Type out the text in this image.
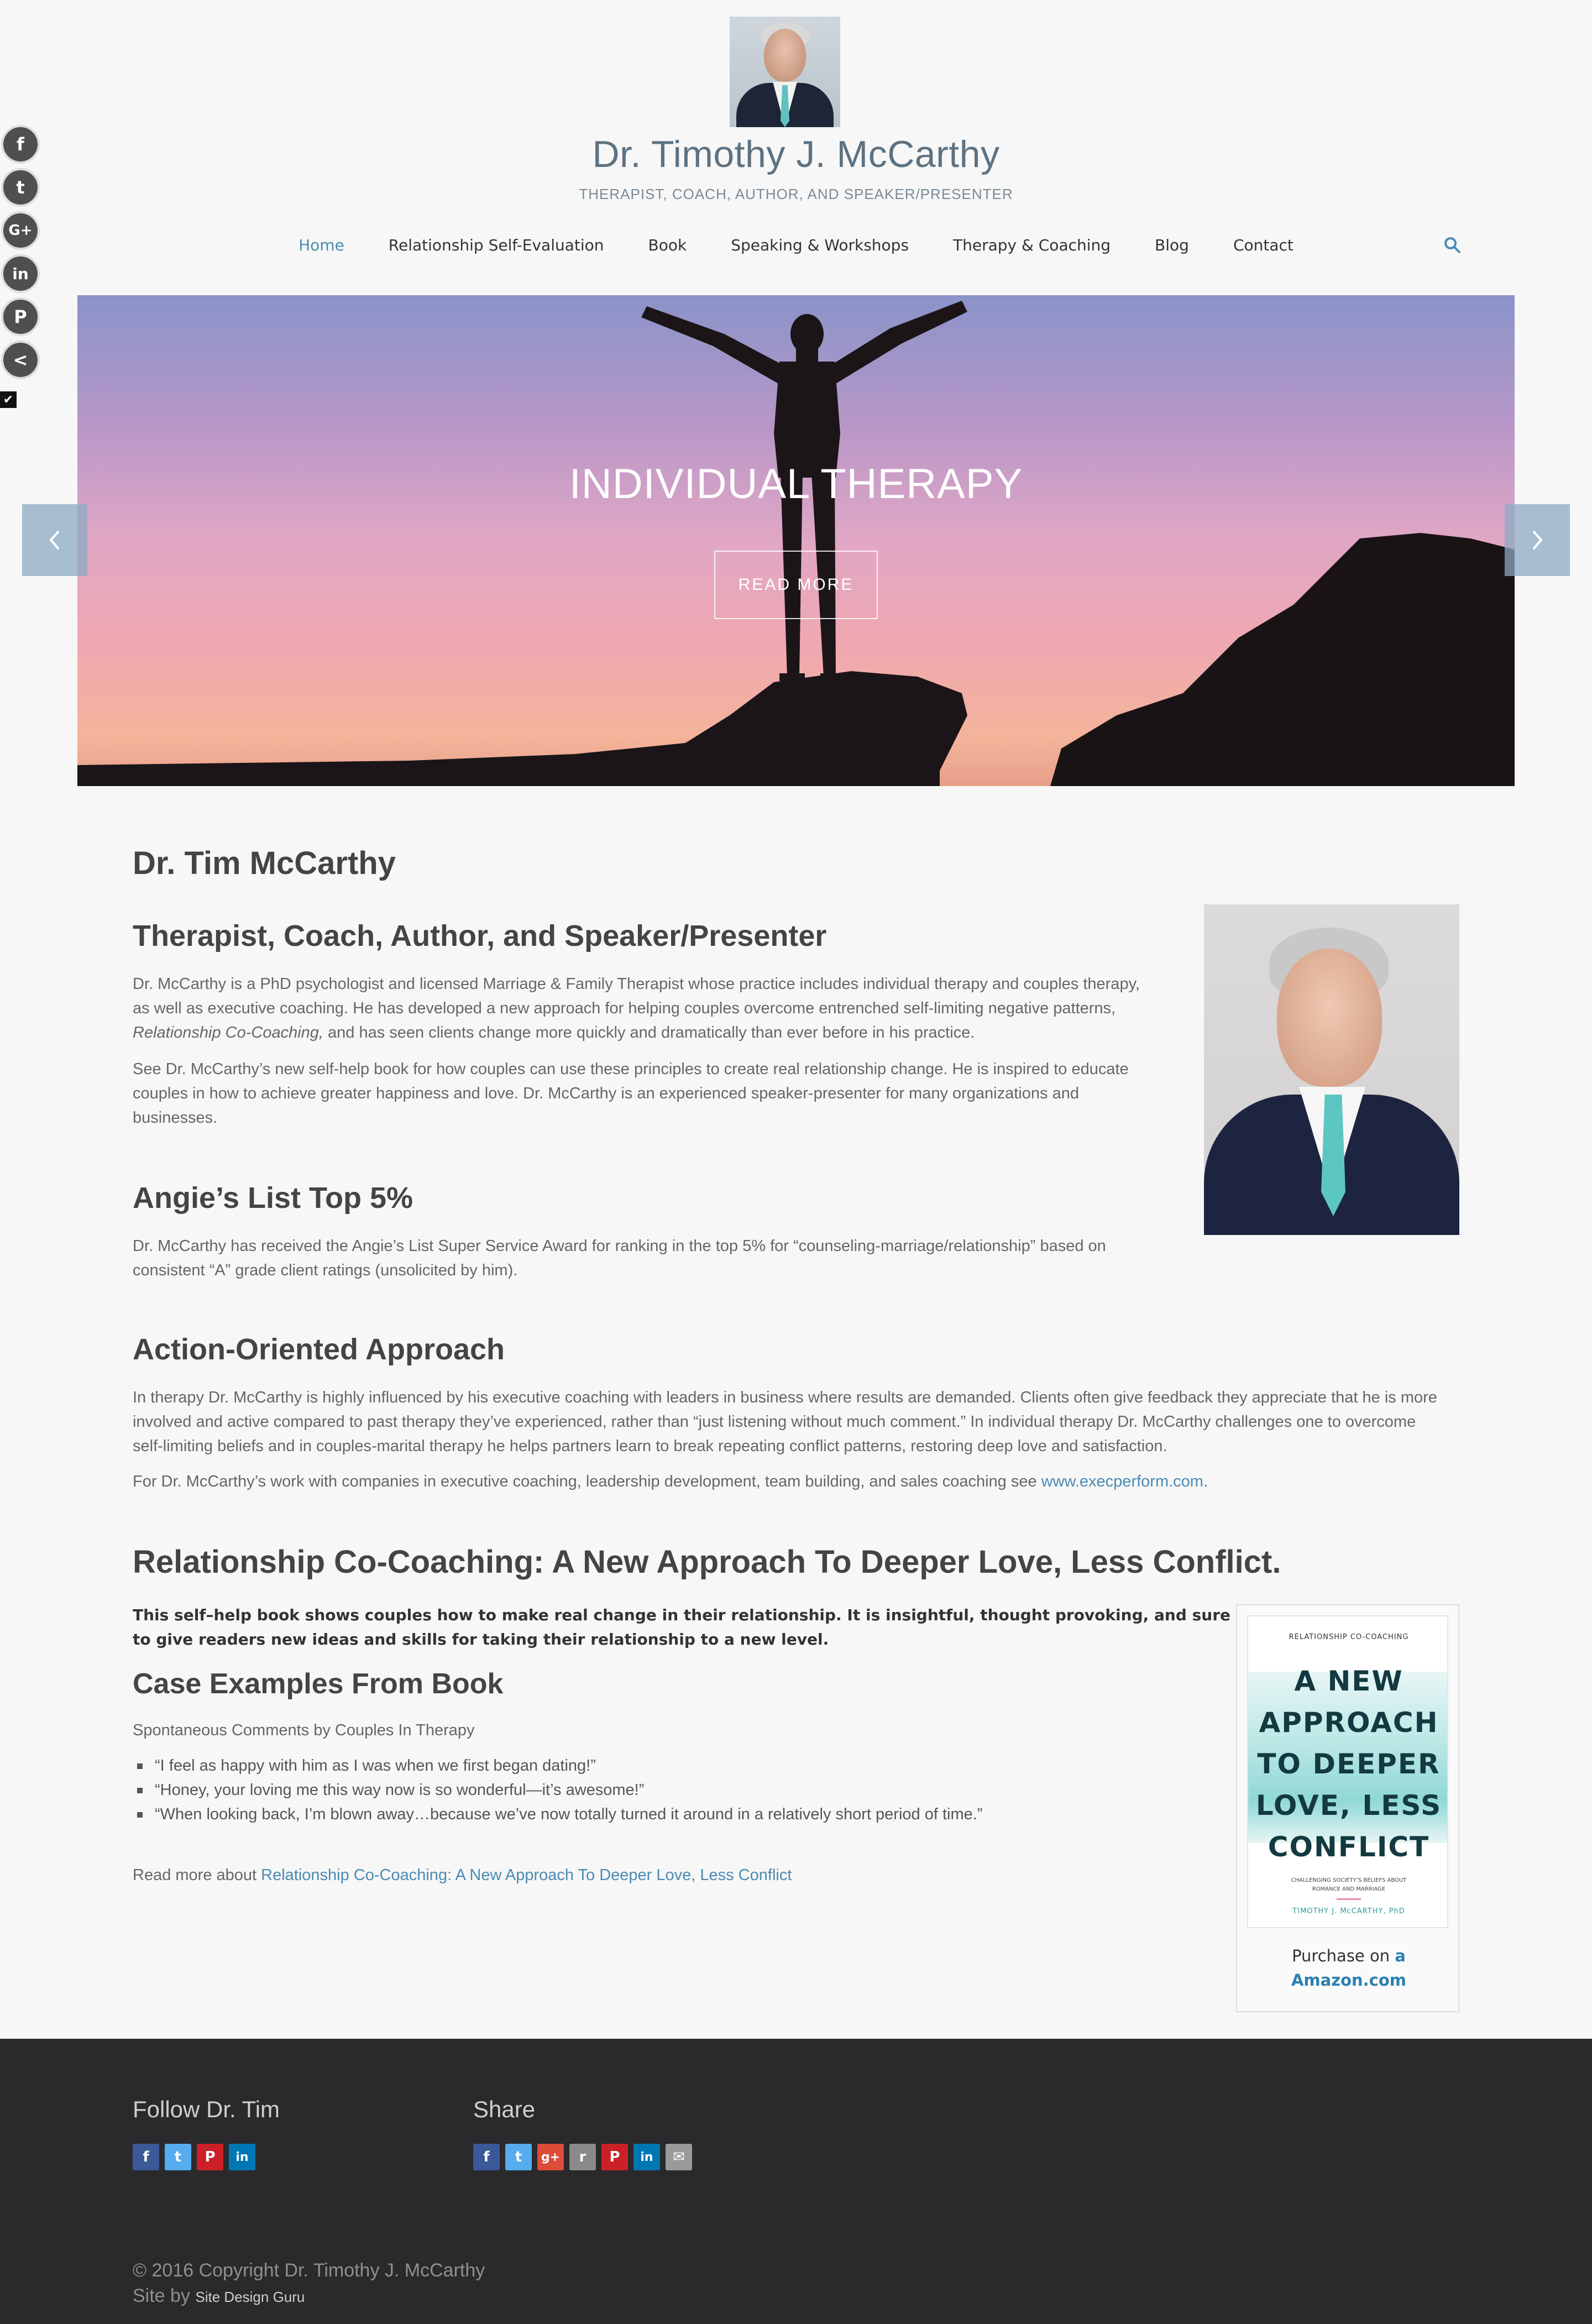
Dr. Timothy J. McCarthy
THERAPIST, COACH, AUTHOR, AND SPEAKER/PRESENTER
Home	Relationship Self-Evaluation	Book	Speaking & Workshops	Therapy & Coaching	Blog	Contact
f
t
G+
in
P
<
✔
INDIVIDUAL THERAPY
READ MORE
Dr. Tim McCarthy
Therapist, Coach, Author, and Speaker/Presenter
Dr. McCarthy is a PhD psychologist and licensed Marriage & Family Therapist whose practice includes individual therapy and couples therapy,
as well as executive coaching. He has developed a new approach for helping couples overcome entrenched self-limiting negative patterns,
Relationship Co-Coaching, and has seen clients change more quickly and dramatically than ever before in his practice.
See Dr. McCarthy’s new self-help book for how couples can use these principles to create real relationship change. He is inspired to educate
couples in how to achieve greater happiness and love. Dr. McCarthy is an experienced speaker-presenter for many organizations and
businesses.
Angie’s List Top 5%
Dr. McCarthy has received the Angie’s List Super Service Award for ranking in the top 5% for “counseling-marriage/relationship” based on
consistent “A” grade client ratings (unsolicited by him).
Action-Oriented Approach
In therapy Dr. McCarthy is highly influenced by his executive coaching with leaders in business where results are demanded. Clients often give feedback they appreciate that he is more
involved and active compared to past therapy they’ve experienced, rather than “just listening without much comment.” In individual therapy Dr. McCarthy challenges one to overcome
self-limiting beliefs and in couples-marital therapy he helps partners learn to break repeating conflict patterns, restoring deep love and satisfaction.
For Dr. McCarthy’s work with companies in executive coaching, leadership development, team building, and sales coaching see www.execperform.com.
Relationship Co-Coaching: A New Approach To Deeper Love, Less Conflict.
This self–help book shows couples how to make real change in their relationship. It is insightful, thought provoking, and sure
to give readers new ideas and skills for taking their relationship to a new level.
Case Examples From Book
Spontaneous Comments by Couples In Therapy
“I feel as happy with him as I was when we first began dating!”
“Honey, your loving me this way now is so wonderful—it’s awesome!”
“When looking back, I’m blown away…because we’ve now totally turned it around in a relatively short period of time.”
Read more about Relationship Co-Coaching: A New Approach To Deeper Love, Less Conflict
RELATIONSHIP CO-COACHING
A NEW
APPROACH
TO DEEPER
LOVE, LESS
CONFLICT
CHALLENGING SOCIETY’S BELIEFS ABOUT
ROMANCE AND MARRIAGE
TIMOTHY J. McCARTHY, PhD
Purchase on a
Amazon.com
Follow Dr. Tim
f	t	P	in
Share
f	t	g+	r	P	in	✉
© 2016 Copyright Dr. Timothy J. McCarthy
Site by Site Design Guru
